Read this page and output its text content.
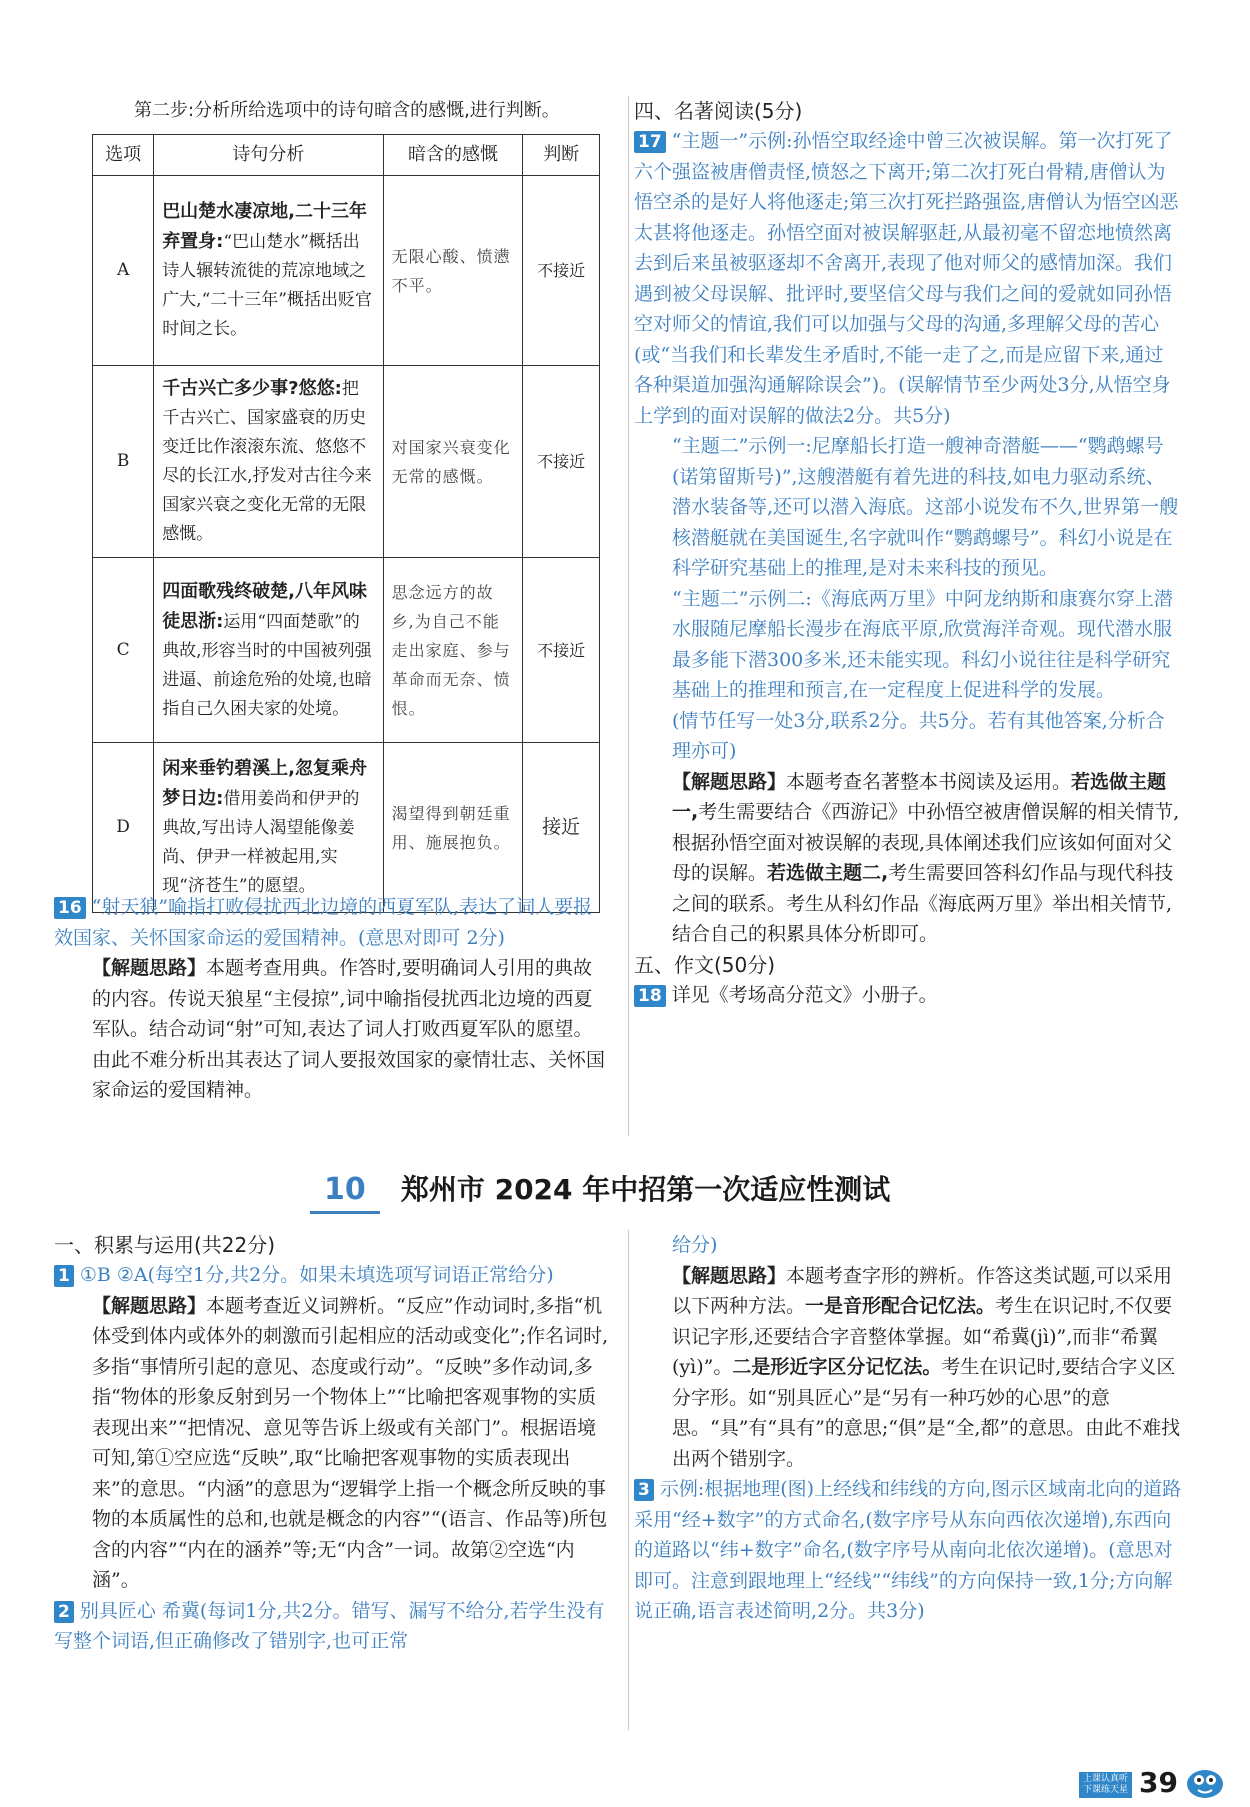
第二步:分析所给选项中的诗句暗含的感慨,进行判断。

选项	诗句分析	暗含的感慨	判断
A	巴山楚水凄凉地,二十三年弃置身:“巴山楚水”概括出诗人辗转流徙的荒凉地域之广大,“二十三年”概括出贬官时间之长。	无限心酸、愤懑不平。	不接近
B	千古兴亡多少事?悠悠:把千古兴亡、国家盛衰的历史变迁比作滚滚东流、悠悠不尽的长江水,抒发对古往今来国家兴衰之变化无常的无限感慨。	对国家兴衰变化无常的感慨。	不接近
C	四面歌残终破楚,八年风味徒思浙:运用“四面楚歌”的典故,形容当时的中国被列强进逼、前途危殆的处境,也暗指自己久困夫家的处境。	思念远方的故乡,为自己不能走出家庭、参与革命而无奈、愤恨。	不接近
D	闲来垂钓碧溪上,忽复乘舟梦日边:借用姜尚和伊尹的典故,写出诗人渴望能像姜尚、伊尹一样被起用,实现“济苍生”的愿望。	渴望得到朝廷重用、施展抱负。	接近

16 “射天狼”喻指打败侵扰西北边境的西夏军队,表达了词人要报效国家、关怀国家命运的爱国精神。(意思对即可 2分)

【解题思路】本题考查用典。作答时,要明确词人引用的典故的内容。传说天狼星“主侵掠”,词中喻指侵扰西北边境的西夏军队。结合动词“射”可知,表达了词人打败西夏军队的愿望。由此不难分析出其表达了词人要报效国家的豪情壮志、关怀国家命运的爱国精神。

四、名著阅读(5分)

17 “主题一”示例:孙悟空取经途中曾三次被误解。第一次打死了六个强盗被唐僧责怪,愤怒之下离开;第二次打死白骨精,唐僧认为悟空杀的是好人将他逐走;第三次打死拦路强盗,唐僧认为悟空凶恶太甚将他逐走。孙悟空面对被误解驱赶,从最初毫不留恋地愤然离去到后来虽被驱逐却不舍离开,表现了他对师父的感情加深。我们遇到被父母误解、批评时,要坚信父母与我们之间的爱就如同孙悟空对师父的情谊,我们可以加强与父母的沟通,多理解父母的苦心(或“当我们和长辈发生矛盾时,不能一走了之,而是应留下来,通过各种渠道加强沟通解除误会”)。(误解情节至少两处3分,从悟空身上学到的面对误解的做法2分。共5分)

“主题二”示例一:尼摩船长打造一艘神奇潜艇——“鹦鹉螺号(诺第留斯号)”,这艘潜艇有着先进的科技,如电力驱动系统、潜水装备等,还可以潜入海底。这部小说发布不久,世界第一艘核潜艇就在美国诞生,名字就叫作“鹦鹉螺号”。科幻小说是在科学研究基础上的推理,是对未来科技的预见。

“主题二”示例二:《海底两万里》中阿龙纳斯和康赛尔穿上潜水服随尼摩船长漫步在海底平原,欣赏海洋奇观。现代潜水服最多能下潜300多米,还未能实现。科幻小说往往是科学研究基础上的推理和预言,在一定程度上促进科学的发展。

(情节任写一处3分,联系2分。共5分。若有其他答案,分析合理亦可)

【解题思路】本题考查名著整本书阅读及运用。若选做主题一,考生需要结合《西游记》中孙悟空被唐僧误解的相关情节,根据孙悟空面对被误解的表现,具体阐述我们应该如何面对父母的误解。若选做主题二,考生需要回答科幻作品与现代科技之间的联系。考生从科幻作品《海底两万里》举出相关情节,结合自己的积累具体分析即可。

五、作文(50分)

18 详见《考场高分范文》小册子。

10 郑州市 2024 年中招第一次适应性测试

一、积累与运用(共22分)

1 ①B ②A(每空1分,共2分。如果未填选项写词语正常给分)

【解题思路】本题考查近义词辨析。“反应”作动词时,多指“机体受到体内或体外的刺激而引起相应的活动或变化”;作名词时,多指“事情所引起的意见、态度或行动”。“反映”多作动词,多指“物体的形象反射到另一个物体上”“比喻把客观事物的实质表现出来”“把情况、意见等告诉上级或有关部门”。根据语境可知,第①空应选“反映”,取“比喻把客观事物的实质表现出来”的意思。“内涵”的意思为“逻辑学上指一个概念所反映的事物的本质属性的总和,也就是概念的内容”“(语言、作品等)所包含的内容”“内在的涵养”等;无“内含”一词。故第②空选“内涵”。

2 别具匠心 希冀(每词1分,共2分。错写、漏写不给分,若学生没有写整个词语,但正确修改了错别字,也可正常

给分)

【解题思路】本题考查字形的辨析。作答这类试题,可以采用以下两种方法。一是音形配合记忆法。考生在识记时,不仅要识记字形,还要结合字音整体掌握。如“希冀(jì)”,而非“希翼(yì)”。二是形近字区分记忆法。考生在识记时,要结合字义区分字形。如“别具匠心”是“另有一种巧妙的心思”的意思。“具”有“具有”的意思;“俱”是“全,都”的意思。由此不难找出两个错别字。

3 示例:根据地理(图)上经线和纬线的方向,图示区域南北向的道路采用“经+数字”的方式命名,(数字序号从东向西依次递增),东西向的道路以“纬+数字”命名,(数字序号从南向北依次递增)。(意思对即可。注意到跟地理上“经线”“纬线”的方向保持一致,1分;方向解说正确,语言表述简明,2分。共3分)

上课认真听
下课练天星 39
